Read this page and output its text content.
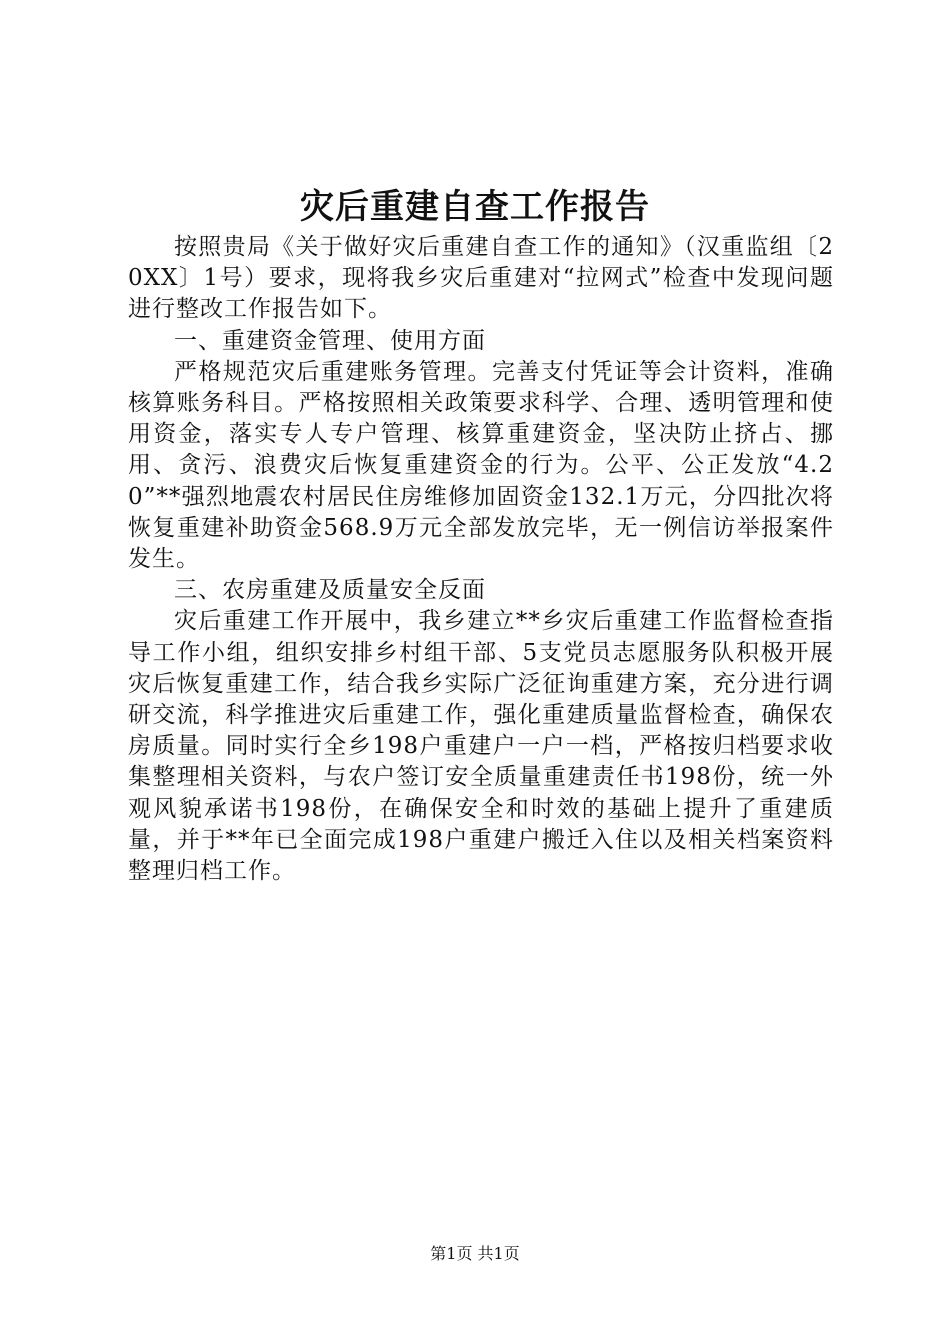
灾后重建自查工作报告

按照贵局《关于做好灾后重建自查工作的通知》（汉重监组〔20XX〕1号）要求，现将我乡灾后重建对“拉网式”检查中发现问题进行整改工作报告如下。

一、重建资金管理、使用方面

严格规范灾后重建账务管理。完善支付凭证等会计资料，准确核算账务科目。严格按照相关政策要求科学、合理、透明管理和使用资金，落实专人专户管理、核算重建资金，坚决防止挤占、挪用、贪污、浪费灾后恢复重建资金的行为。公平、公正发放“4.20”**强烈地震农村居民住房维修加固资金132.1万元，分四批次将恢复重建补助资金568.9万元全部发放完毕，无一例信访举报案件发生。

三、农房重建及质量安全反面

灾后重建工作开展中，我乡建立**乡灾后重建工作监督检查指导工作小组，组织安排乡村组干部、5支党员志愿服务队积极开展灾后恢复重建工作，结合我乡实际广泛征询重建方案，充分进行调研交流，科学推进灾后重建工作，强化重建质量监督检查，确保农房质量。同时实行全乡198户重建户一户一档，严格按归档要求收集整理相关资料，与农户签订安全质量重建责任书198份，统一外观风貌承诺书198份，在确保安全和时效的基础上提升了重建质量，并于**年已全面完成198户重建户搬迁入住以及相关档案资料整理归档工作。

第1页 共1页
